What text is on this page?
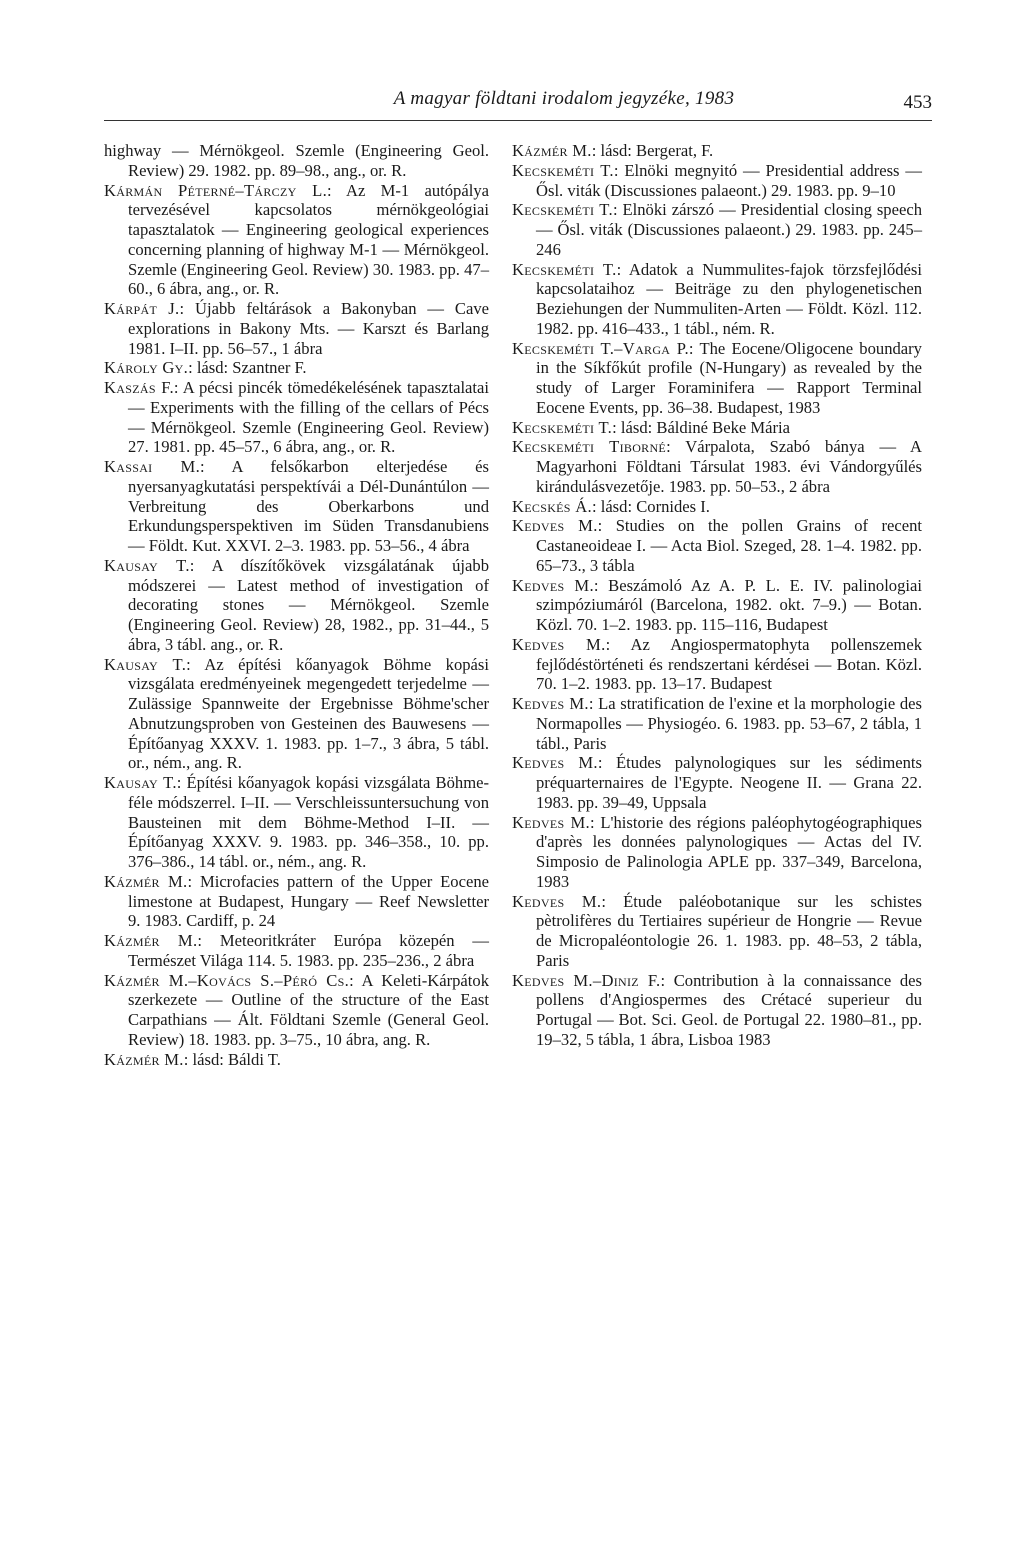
A magyar földtani irodalom jegyzéke, 1983	453

highway — Mérnökgeol. Szemle (Engineering Geol. Review) 29. 1982. pp. 89–98., ang., or. R.

Kármán Péterné–Tárczy L.: Az M-1 autópálya tervezésével kapcsolatos mérnökgeológiai tapasztalatok — Engineering geological experiences concerning planning of highway M-1 — Mérnökgeol. Szemle (Engineering Geol. Review) 30. 1983. pp. 47–60., 6 ábra, ang., or. R.

Kárpát J.: Újabb feltárások a Bakonyban — Cave explorations in Bakony Mts. — Karszt és Barlang 1981. I–II. pp. 56–57., 1 ábra

Károly Gy.: lásd: Szantner F.

Kaszás F.: A pécsi pincék tömedékelésének tapasztalatai — Experiments with the filling of the cellars of Pécs — Mérnökgeol. Szemle (Engineering Geol. Review) 27. 1981. pp. 45–57., 6 ábra, ang., or. R.

Kassai M.: A felsőkarbon elterjedése és nyersanyagkutatási perspektívái a Dél-Dunántúlon — Verbreitung des Oberkarbons und Erkundungsperspektiven im Süden Transdanubiens — Földt. Kut. XXVI. 2–3. 1983. pp. 53–56., 4 ábra

Kausay T.: A díszítőkövek vizsgálatának újabb módszerei — Latest method of investigation of decorating stones — Mérnökgeol. Szemle (Engineering Geol. Review) 28, 1982., pp. 31–44., 5 ábra, 3 tábl. ang., or. R.

Kausay T.: Az építési kőanyagok Böhme kopási vizsgálata eredményeinek megengedett terjedelme — Zulässige Spannweite der Ergebnisse Böhme'scher Abnutzungsproben von Gesteinen des Bauwesens — Építőanyag XXXV. 1. 1983. pp. 1–7., 3 ábra, 5 tábl. or., ném., ang. R.

Kausay T.: Építési kőanyagok kopási vizsgálata Böhme-féle módszerrel. I–II. — Verschleissuntersuchung von Bausteinen mit dem Böhme-Method I–II. — Építőanyag XXXV. 9. 1983. pp. 346–358., 10. pp. 376–386., 14 tábl. or., ném., ang. R.

Kázmér M.: Microfacies pattern of the Upper Eocene limestone at Budapest, Hungary — Reef Newsletter 9. 1983. Cardiff, p. 24

Kázmér M.: Meteoritkráter Európa közepén — Természet Világa 114. 5. 1983. pp. 235–236., 2 ábra

Kázmér M.–Kovács S.–Péró Cs.: A Keleti-Kárpátok szerkezete — Outline of the structure of the East Carpathians — Ált. Földtani Szemle (General Geol. Review) 18. 1983. pp. 3–75., 10 ábra, ang. R.

Kázmér M.: lásd: Báldi T.

Kázmér M.: lásd: Bergerat, F.

Kecskeméti T.: Elnöki megnyitó — Presidential address — Ősl. viták (Discussiones palaeont.) 29. 1983. pp. 9–10

Kecskeméti T.: Elnöki zárszó — Presidential closing speech — Ősl. viták (Discussiones palaeont.) 29. 1983. pp. 245–246

Kecskeméti T.: Adatok a Nummulites-fajok törzsfejlődési kapcsolataihoz — Beiträge zu den phylogenetischen Beziehungen der Nummuliten-Arten — Földt. Közl. 112. 1982. pp. 416–433., 1 tábl., ném. R.

Kecskeméti T.–Varga P.: The Eocene/Oligocene boundary in the Síkfőkút profile (N-Hungary) as revealed by the study of Larger Foraminifera — Rapport Terminal Eocene Events, pp. 36–38. Budapest, 1983

Kecskeméti T.: lásd: Báldiné Beke Mária

Kecskeméti Tiborné: Várpalota, Szabó bánya — A Magyarhoni Földtani Társulat 1983. évi Vándorgyűlés kirándulásvezetője. 1983. pp. 50–53., 2 ábra

Kecskés Á.: lásd: Cornides I.

Kedves M.: Studies on the pollen Grains of recent Castaneoideae I. — Acta Biol. Szeged, 28. 1–4. 1982. pp. 65–73., 3 tábla

Kedves M.: Beszámoló Az A. P. L. E. IV. palinologiai szimpóziumáról (Barcelona, 1982. okt. 7–9.) — Botan. Közl. 70. 1–2. 1983. pp. 115–116, Budapest

Kedves M.: Az Angiospermatophyta pollenszemek fejlődéstörténeti és rendszertani kérdései — Botan. Közl. 70. 1–2. 1983. pp. 13–17. Budapest

Kedves M.: La stratification de l'exine et la morphologie des Normapolles — Physiogéo. 6. 1983. pp. 53–67, 2 tábla, 1 tábl., Paris

Kedves M.: Études palynologiques sur les sédiments préquarternaires de l'Egypte. Neogene II. — Grana 22. 1983. pp. 39–49, Uppsala

Kedves M.: L'historie des régions paléophytogéographiques d'après les données palynologiques — Actas del IV. Simposio de Palinologia APLE pp. 337–349, Barcelona, 1983

Kedves M.: Étude paléobotanique sur les schistes pètrolifères du Tertiaires supérieur de Hongrie — Revue de Micropaléontologie 26. 1. 1983. pp. 48–53, 2 tábla, Paris

Kedves M.–Diniz F.: Contribution à la connaissance des pollens d'Angiospermes des Crétacé superieur du Portugal — Bot. Sci. Geol. de Portugal 22. 1980–81., pp. 19–32, 5 tábla, 1 ábra, Lisboa 1983
